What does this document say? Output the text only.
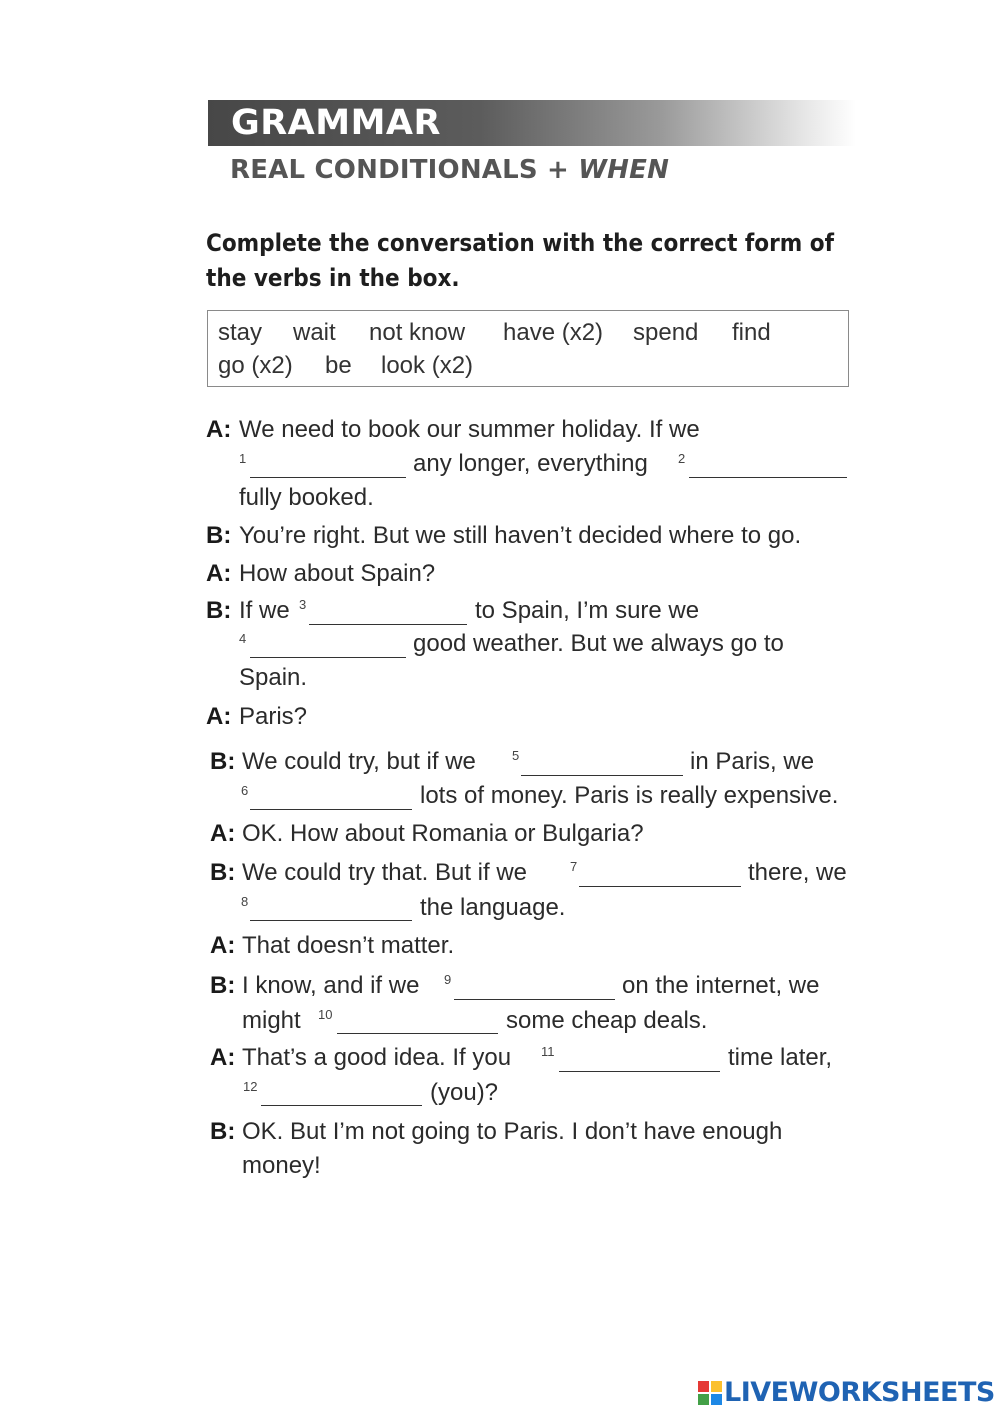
GRAMMAR
REAL CONDITIONALS + WHEN
Complete the conversation with the correct form of
the verbs in the box.
stay wait not know have (x2) spend find
go (x2) be look (x2)
A: We need to book our summer holiday. If we
1	any longer, everything 2
fully booked.
B: You’re right. But we still haven’t decided where to go.
A: How about Spain?
B: If we 3	to Spain, I’m sure we
4	good weather. But we always go to
Spain.
A: Paris?
B: We could try, but if we	5	in Paris, we
6	lots of money. Paris is really expensive.
A: OK. How about Romania or Bulgaria?
B: We could try that. But if we	7	there, we
8	the language.
A: That doesn’t matter.
B: I know, and if we 9	on the internet, we
might 10	some cheap deals.
A: That’s a good idea. If you 11	time later,
12	(you)?
B: OK. But I’m not going to Paris. I don’t have enough
money!
LIVEWORKSHEETS
